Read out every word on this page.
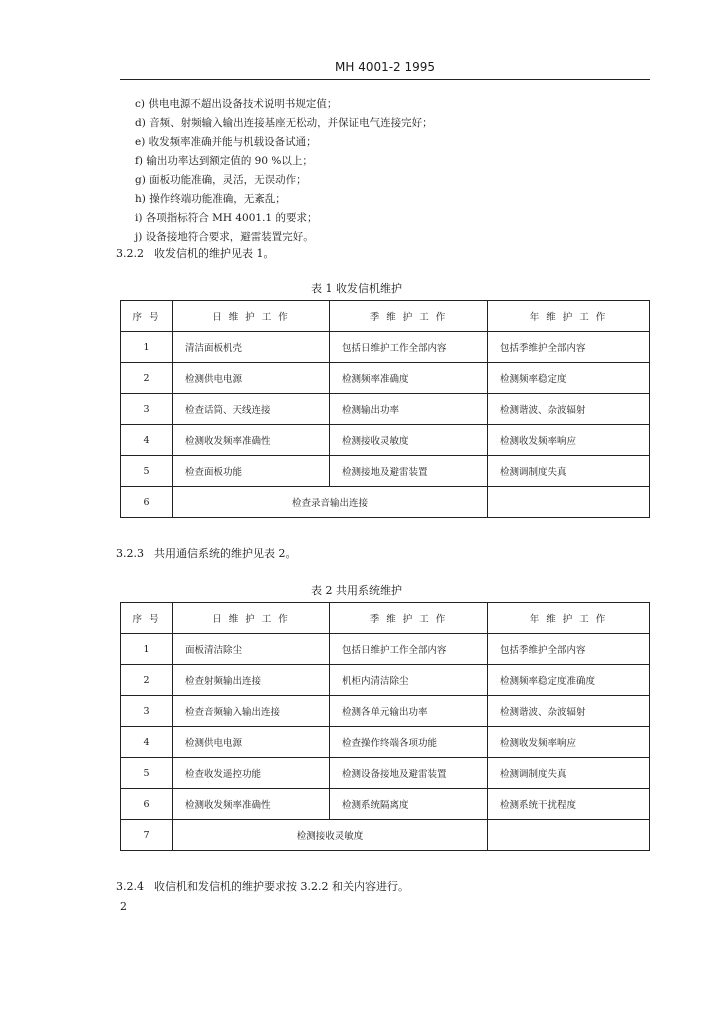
MH 4001-2 1995
c) 供电电源不超出设备技术说明书规定值；
d) 音频、射频输入输出连接基座无松动，并保证电气连接完好；
e) 收发频率准确并能与机载设备试通；
f) 输出功率达到额定值的 90 %以上；
g) 面板功能准确，灵活，无误动作；
h) 操作终端功能准确，无紊乱；
i) 各项指标符合 MH 4001.1 的要求；
j) 设备接地符合要求，避雷装置完好。
3.2.2 收发信机的维护见表 1。
表 1 收发信机维护
序 号	日 维 护 工 作	季 维 护 工 作	年 维 护 工 作
1	清洁面板机壳	包括日维护工作全部内容	包括季维护全部内容
2	检测供电电源	检测频率准确度	检测频率稳定度
3	检查话筒、天线连接	检测输出功率	检测谐波、杂波辐射
4	检测收发频率准确性	检测接收灵敏度	检测收发频率响应
5	检查面板功能	检测接地及避雷装置	检测调制度失真
6	检查录音输出连接		
3.2.3 共用通信系统的维护见表 2。
表 2 共用系统维护
序 号	日 维 护 工 作	季 维 护 工 作	年 维 护 工 作
1	面板清洁除尘	包括日维护工作全部内容	包括季维护全部内容
2	检查射频输出连接	机柜内清洁除尘	检测频率稳定度准确度
3	检查音频输入输出连接	检测各单元输出功率	检测谐波、杂波辐射
4	检测供电电源	检查操作终端各项功能	检测收发频率响应
5	检查收发遥控功能	检测设备接地及避雷装置	检测调制度失真
6	检测收发频率准确性	检测系统隔离度	检测系统干扰程度
7	检测接收灵敏度		
3.2.4 收信机和发信机的维护要求按 3.2.2 和关内容进行。
2
